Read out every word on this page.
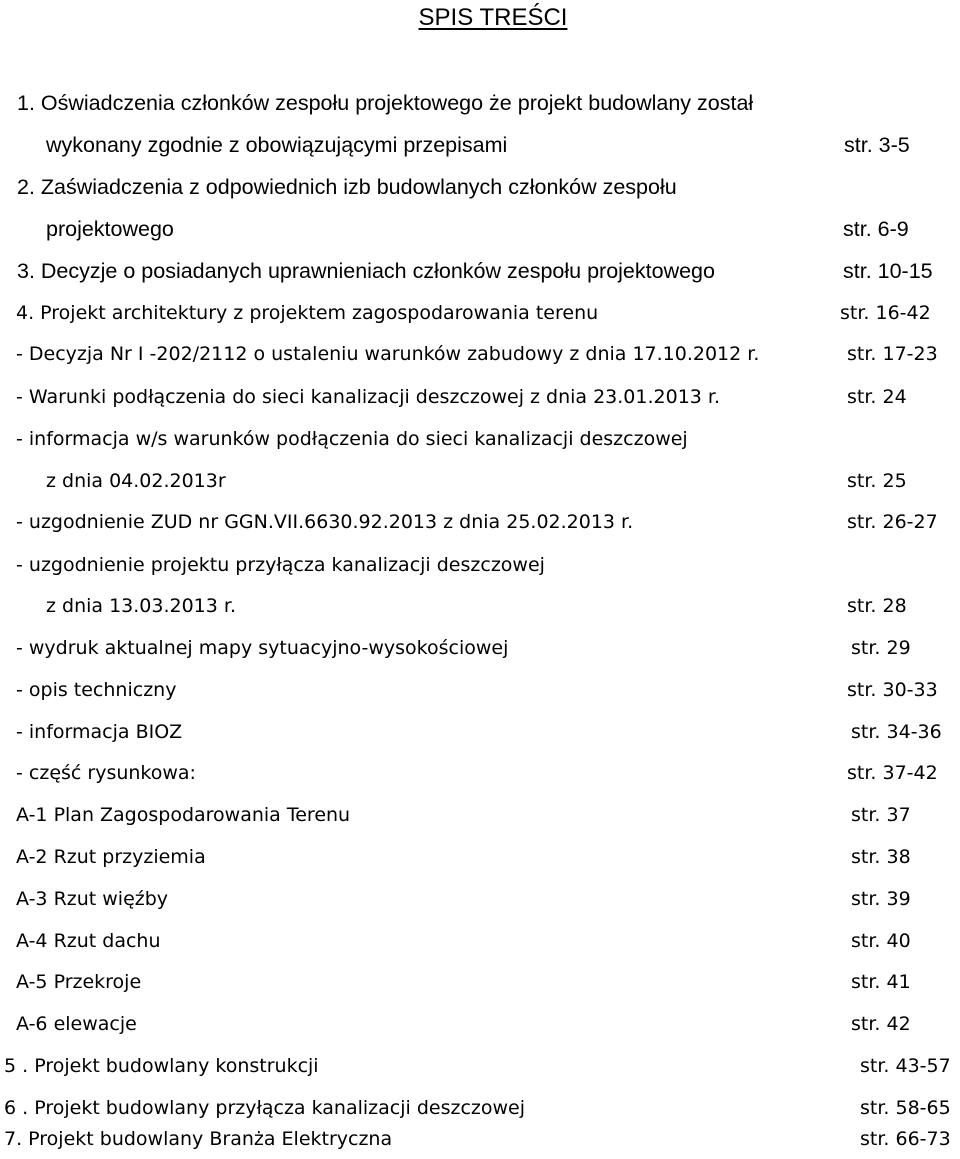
SPIS TREŚCI
1. Oświadczenia członków zespołu projektowego że projekt budowlany został
wykonany zgodnie z obowiązującymi przepisami	str. 3-5
2. Zaświadczenia z odpowiednich izb budowlanych członków zespołu
projektowego	str. 6-9
3. Decyzje o posiadanych uprawnieniach członków zespołu projektowego	str. 10-15
4. Projekt architektury z projektem zagospodarowania terenu	str. 16-42
- Decyzja Nr I -202/2112 o ustaleniu warunków zabudowy z dnia 17.10.2012 r.	str. 17-23
- Warunki podłączenia do sieci kanalizacji deszczowej z dnia 23.01.2013 r.	str. 24
- informacja w/s warunków podłączenia do sieci kanalizacji deszczowej
z dnia 04.02.2013r	str. 25
- uzgodnienie ZUD nr GGN.VII.6630.92.2013 z dnia 25.02.2013 r.	str. 26-27
- uzgodnienie projektu przyłącza kanalizacji deszczowej
z dnia 13.03.2013 r.	str. 28
- wydruk aktualnej mapy sytuacyjno-wysokościowej	str. 29
- opis techniczny	str. 30-33
- informacja BIOZ	str. 34-36
- część rysunkowa:	str. 37-42
A-1 Plan Zagospodarowania Terenu	str. 37
A-2 Rzut przyziemia	str. 38
A-3 Rzut więźby	str. 39
A-4 Rzut dachu	str. 40
A-5 Przekroje	str. 41
A-6 elewacje	str. 42
5 . Projekt budowlany konstrukcji	str. 43-57
6 . Projekt budowlany przyłącza kanalizacji deszczowej	str. 58-65
7. Projekt budowlany Branża Elektryczna	str. 66-73
